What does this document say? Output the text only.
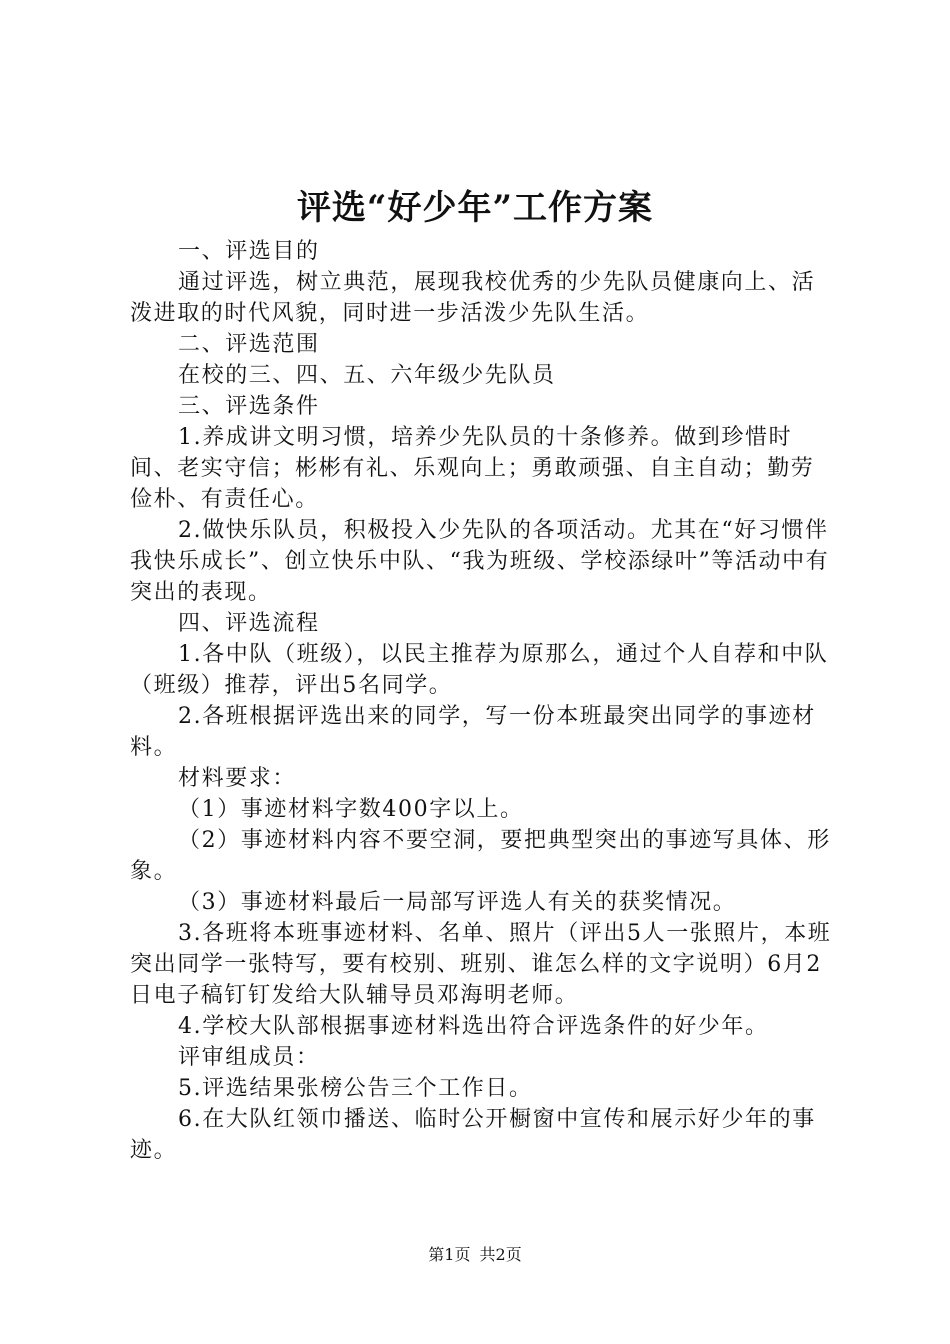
评选“好少年”工作方案

一、评选目的

通过评选，树立典范，展现我校优秀的少先队员健康向上、活泼进取的时代风貌，同时进一步活泼少先队生活。

二、评选范围

在校的三、四、五、六年级少先队员

三、评选条件

1.养成讲文明习惯，培养少先队员的十条修养。做到珍惜时间、老实守信；彬彬有礼、乐观向上；勇敢顽强、自主自动；勤劳俭朴、有责任心。

2.做快乐队员，积极投入少先队的各项活动。尤其在“好习惯伴我快乐成长”、创立快乐中队、“我为班级、学校添绿叶”等活动中有突出的表现。

四、评选流程

1.各中队（班级），以民主推荐为原那么，通过个人自荐和中队（班级）推荐，评出5名同学。

2.各班根据评选出来的同学，写一份本班最突出同学的事迹材料。

材料要求：

（1）事迹材料字数400字以上。

（2）事迹材料内容不要空洞，要把典型突出的事迹写具体、形象。

（3）事迹材料最后一局部写评选人有关的获奖情况。

3.各班将本班事迹材料、名单、照片（评出5人一张照片，本班突出同学一张特写，要有校别、班别、谁怎么样的文字说明）6月2日电子稿钉钉发给大队辅导员邓海明老师。

4.学校大队部根据事迹材料选出符合评选条件的好少年。

评审组成员：

5.评选结果张榜公告三个工作日。

6.在大队红领巾播送、临时公开橱窗中宣传和展示好少年的事迹。

第1页 共2页
